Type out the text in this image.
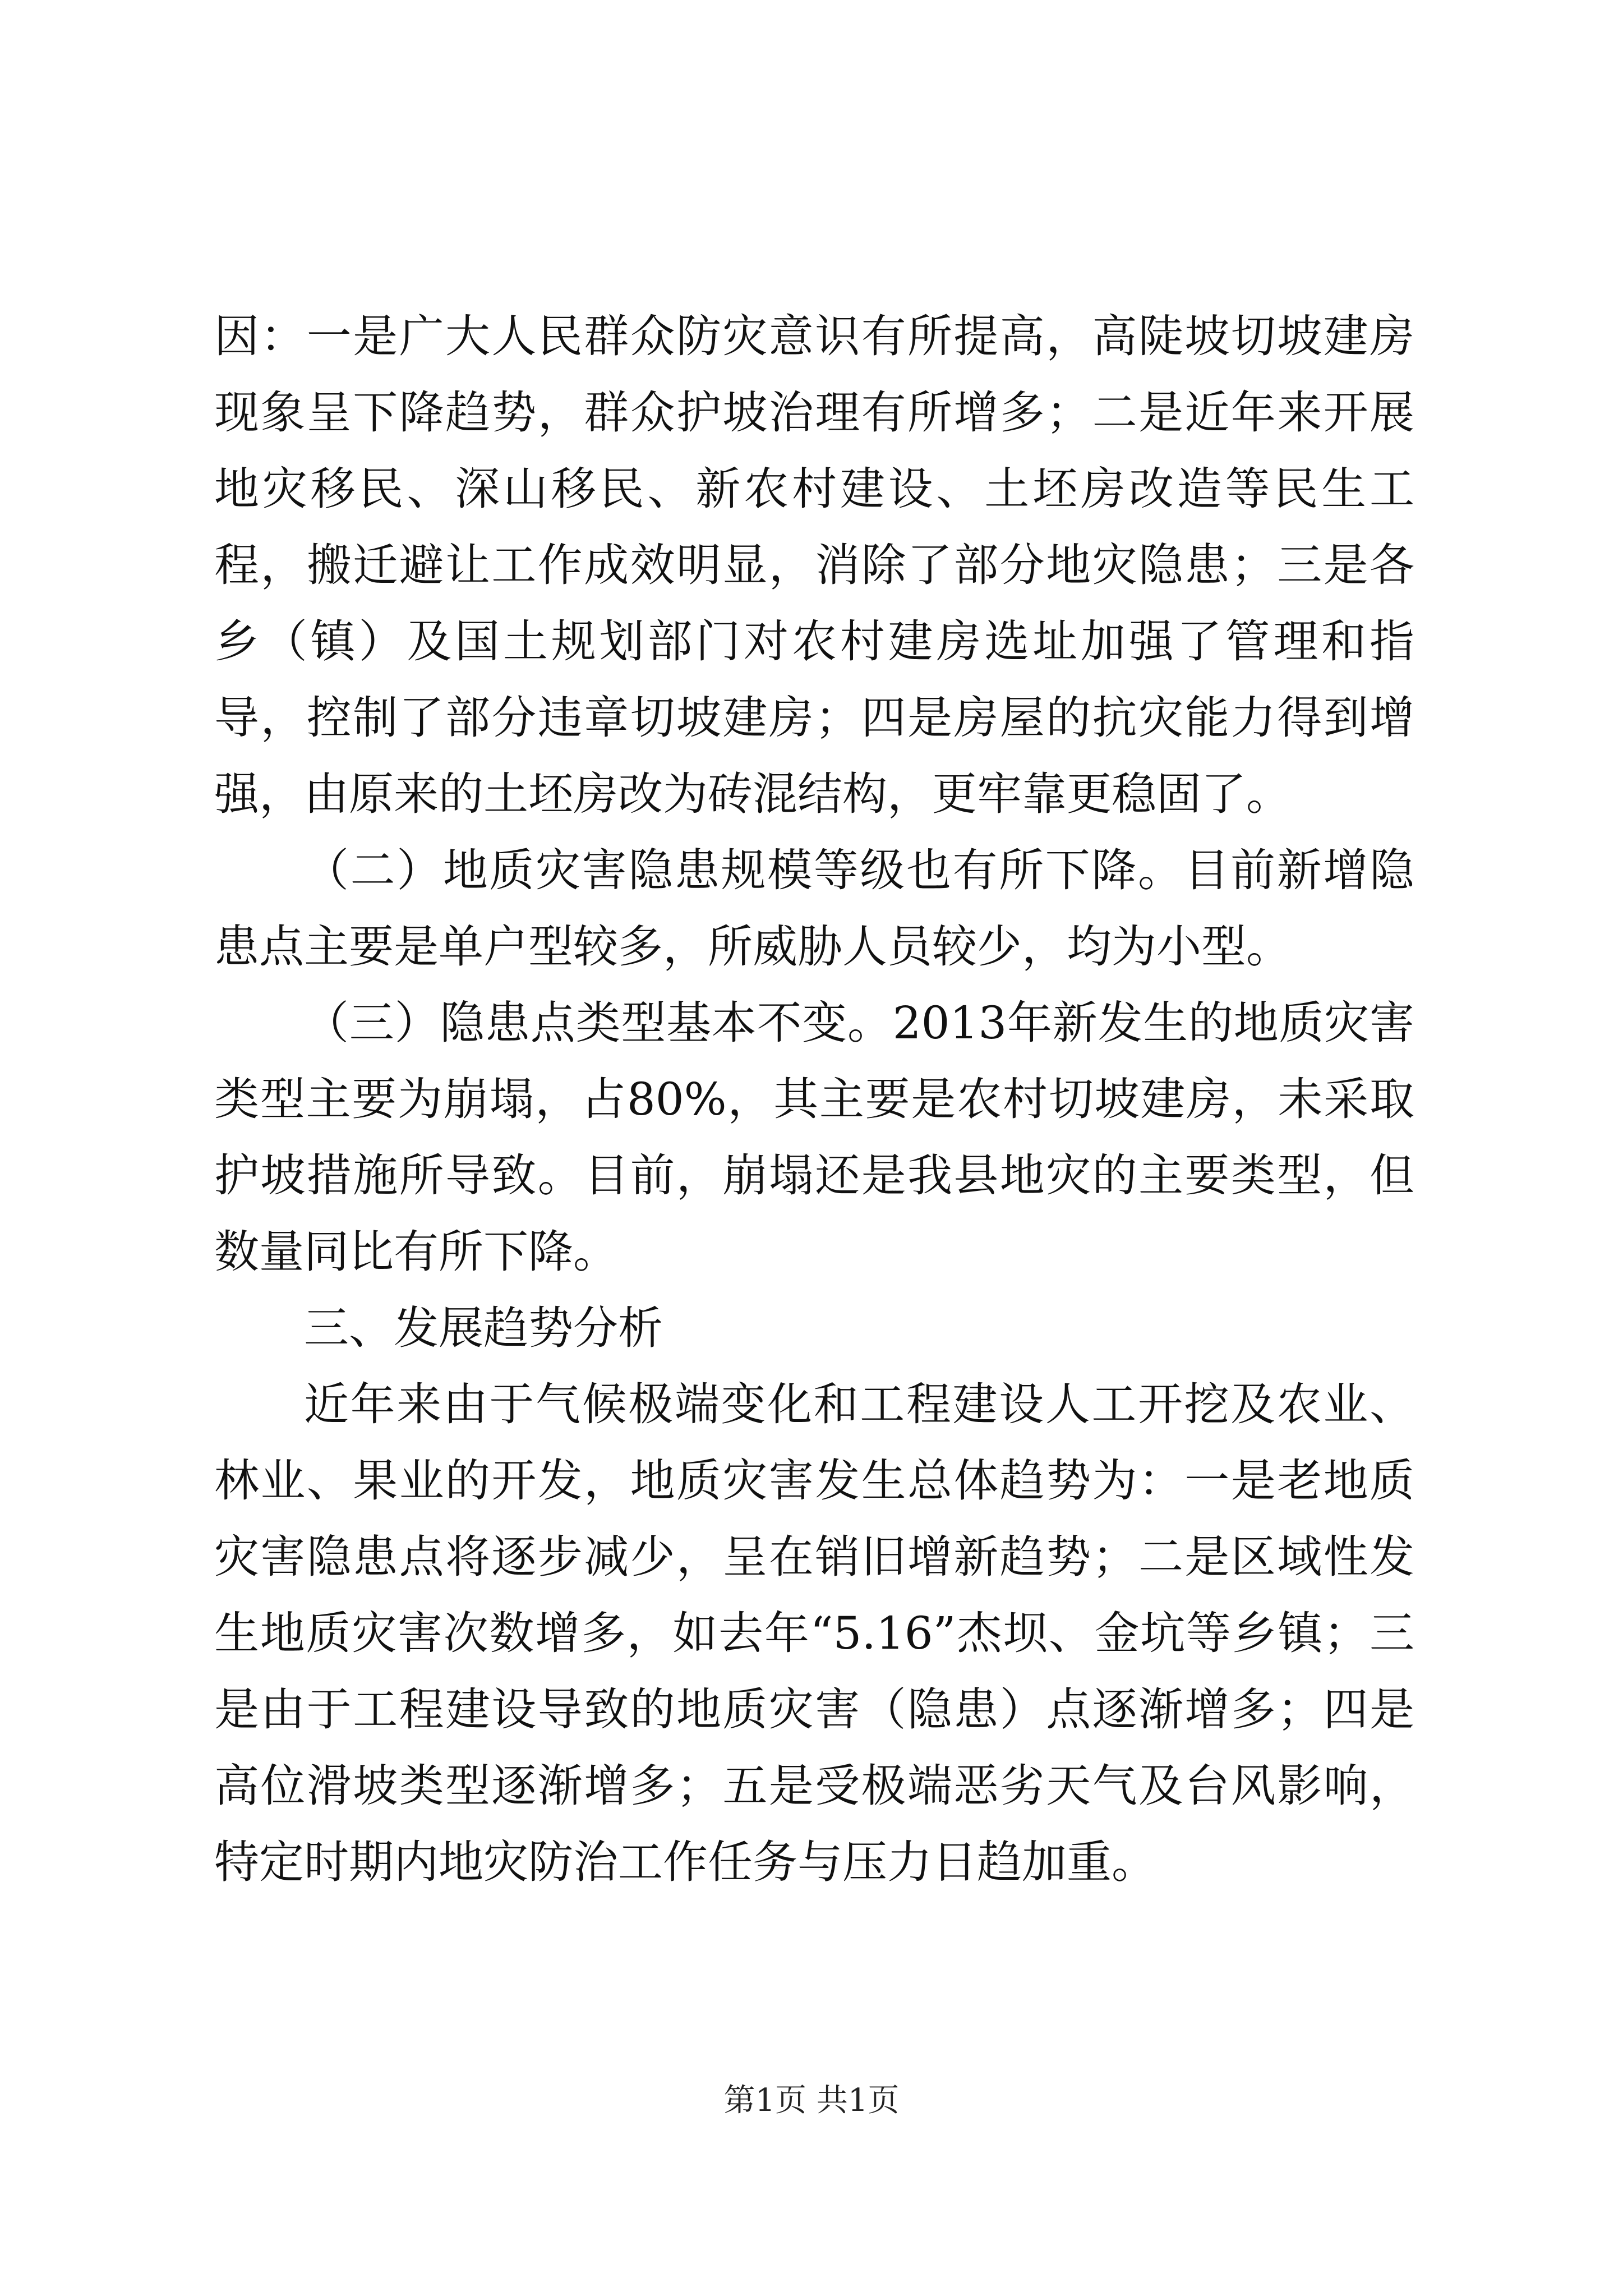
因：一是广大人民群众防灾意识有所提高，高陡坡切坡建房现象呈下降趋势，群众护坡治理有所增多；二是近年来开展地灾移民、深山移民、新农村建设、土坯房改造等民生工程，搬迁避让工作成效明显，消除了部分地灾隐患；三是各乡（镇）及国土规划部门对农村建房选址加强了管理和指导，控制了部分违章切坡建房；四是房屋的抗灾能力得到增强，由原来的土坯房改为砖混结构，更牢靠更稳固了。

（二）地质灾害隐患规模等级也有所下降。目前新增隐患点主要是单户型较多，所威胁人员较少，均为小型。

（三）隐患点类型基本不变。2013年新发生的地质灾害类型主要为崩塌，占80%，其主要是农村切坡建房，未采取护坡措施所导致。目前，崩塌还是我县地灾的主要类型，但数量同比有所下降。

三、发展趋势分析

近年来由于气候极端变化和工程建设人工开挖及农业、林业、果业的开发，地质灾害发生总体趋势为：一是老地质灾害隐患点将逐步减少，呈在销旧增新趋势；二是区域性发生地质灾害次数增多，如去年“5.16”杰坝、金坑等乡镇；三是由于工程建设导致的地质灾害（隐患）点逐渐增多；四是高位滑坡类型逐渐增多；五是受极端恶劣天气及台风影响，特定时期内地灾防治工作任务与压力日趋加重。

第1页 共1页
